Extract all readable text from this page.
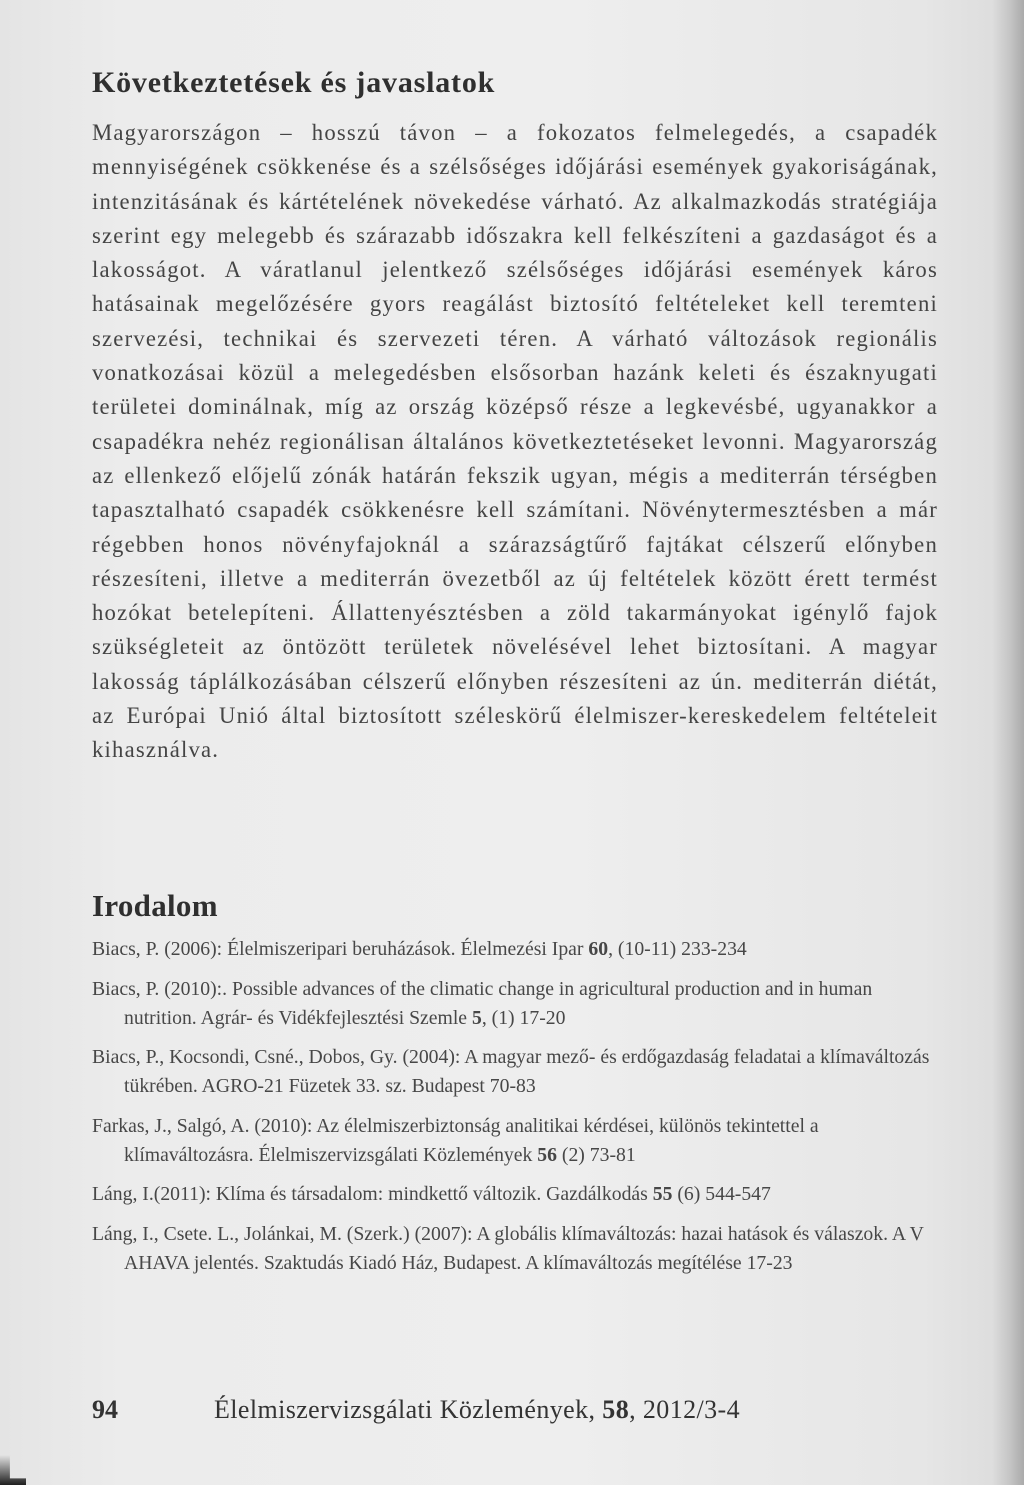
Következtetések és javaslatok

Magyarországon – hosszú távon – a fokozatos felmelegedés, a csapadék mennyiségének csökkenése és a szélsőséges időjárási események gyakoriságának, intenzitásának és kártételének növekedése várható. Az alkalmazkodás stratégiája szerint egy melegebb és szárazabb időszakra kell felkészíteni a gazdaságot és a lakosságot. A váratlanul jelentkező szélsőséges időjárási események káros hatásainak megelőzésére gyors reagálást biztosító feltételeket kell teremteni szervezési, technikai és szervezeti téren. A várható változások regionális vonatkozásai közül a melegedésben elsősorban hazánk keleti és északnyugati területei dominálnak, míg az ország középső része a legkevésbé, ugyanakkor a csapadékra nehéz regionálisan általános következtetéseket levonni. Magyarország az ellenkező előjelű zónák határán fekszik ugyan, mégis a mediterrán térségben tapasztalható csapadék csökkenésre kell számítani. Növénytermesztésben a már régebben honos növényfajoknál a szárazságtűrő fajtákat célszerű előnyben részesíteni, illetve a mediterrán övezetből az új feltételek között érett termést hozókat betelepíteni. Állattenyésztésben a zöld takarmányokat igénylő fajok szükségleteit az öntözött területek növelésével lehet biztosítani. A magyar lakosság táplálkozásában célszerű előnyben részesíteni az ún. mediterrán diétát, az Európai Unió által biztosított széleskörű élelmiszer-kereskedelem feltételeit kihasználva.

Irodalom
Biacs, P. (2006): Élelmiszeripari beruházások. Élelmezési Ipar 60, (10-11) 233-234
Biacs, P. (2010):. Possible advances of the climatic change in agricultural production and in human nutrition. Agrár- és Vidékfejlesztési Szemle 5, (1) 17-20
Biacs, P., Kocsondi, Csné., Dobos, Gy. (2004): A magyar mező- és erdőgazdaság feladatai a klímaváltozás tükrében. AGRO-21 Füzetek 33. sz. Budapest 70-83
Farkas, J., Salgó, A. (2010): Az élelmiszerbiztonság analitikai kérdései, különös tekintettel a klímaváltozásra. Élelmiszervizsgálati Közlemények 56 (2) 73-81
Láng, I.(2011): Klíma és társadalom: mindkettő változik. Gazdálkodás 55 (6) 544-547
Láng, I., Csete. L., Jolánkai, M. (Szerk.) (2007): A globális klímaváltozás: hazai hatások és válaszok. A V AHAVA jelentés. Szaktudás Kiadó Ház, Budapest. A klímaváltozás megítélése 17-23
94	Élelmiszervizsgálati Közlemények, 58, 2012/3-4
